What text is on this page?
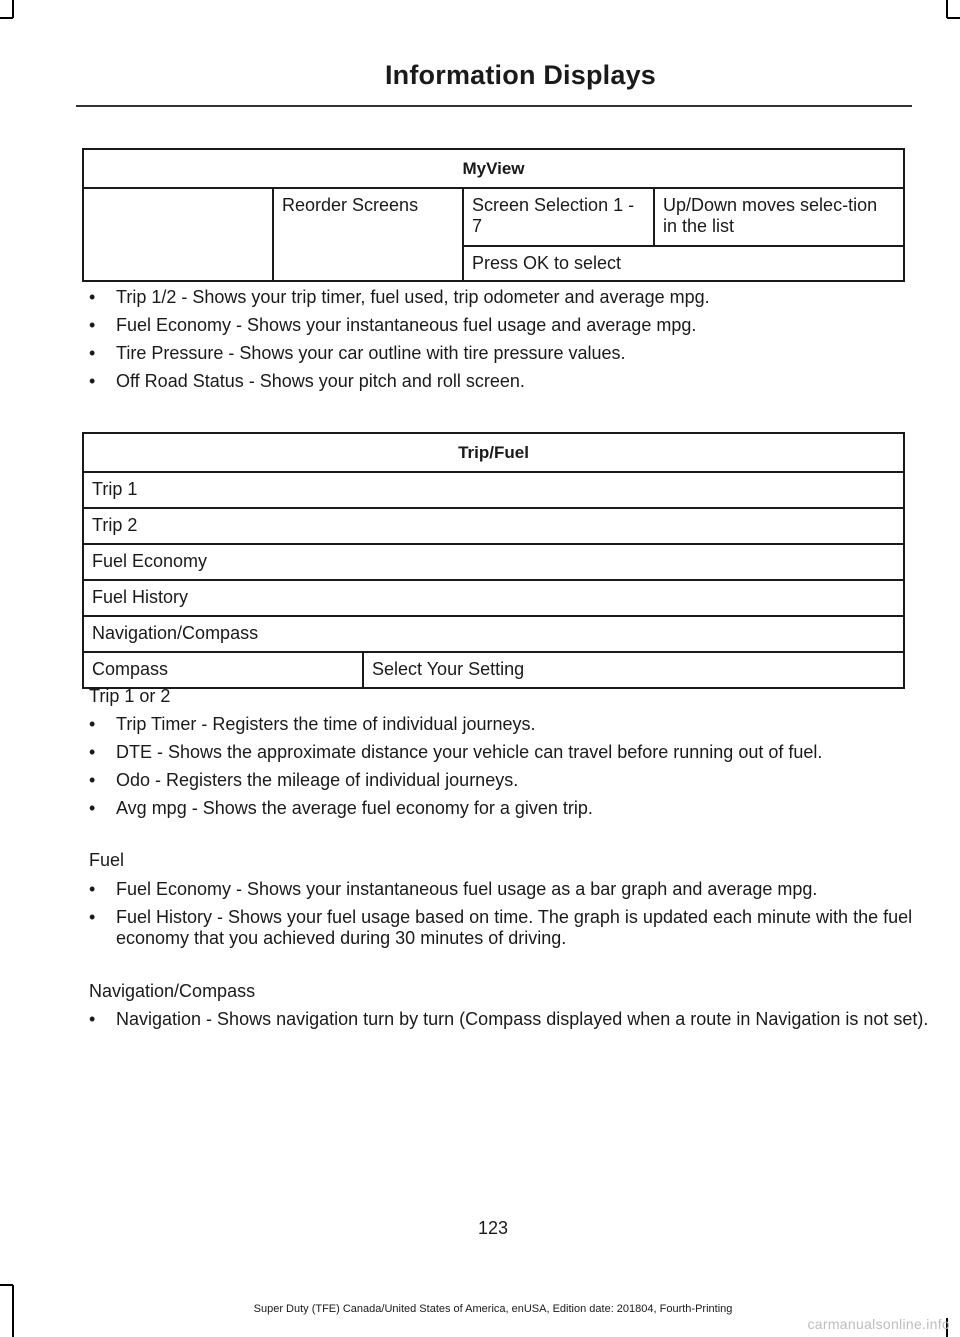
Information Displays
MyView
	Reorder Screens	Screen Selection 1 - 7	Up/Down moves selec-tion in the list
Press OK to select
• Trip 1/2 - Shows your trip timer, fuel used, trip odometer and average mpg.
• Fuel Economy - Shows your instantaneous fuel usage and average mpg.
• Tire Pressure - Shows your car outline with tire pressure values.
• Off Road Status - Shows your pitch and roll screen.
Trip/Fuel
Trip 1
Trip 2
Fuel Economy
Fuel History
Navigation/Compass
Compass	Select Your Setting
Trip 1 or 2
• Trip Timer - Registers the time of individual journeys.
• DTE - Shows the approximate distance your vehicle can travel before running out of fuel.
• Odo - Registers the mileage of individual journeys.
• Avg mpg - Shows the average fuel economy for a given trip.
Fuel
• Fuel Economy - Shows your instantaneous fuel usage as a bar graph and average mpg.
• Fuel History - Shows your fuel usage based on time. The graph is updated each minute with the fuel economy that you achieved during 30 minutes of driving.
Navigation/Compass
• Navigation - Shows navigation turn by turn (Compass displayed when a route in Navigation is not set).
123
Super Duty (TFE) Canada/United States of America, enUSA, Edition date: 201804, Fourth-Printing
carmanualsonline.info
